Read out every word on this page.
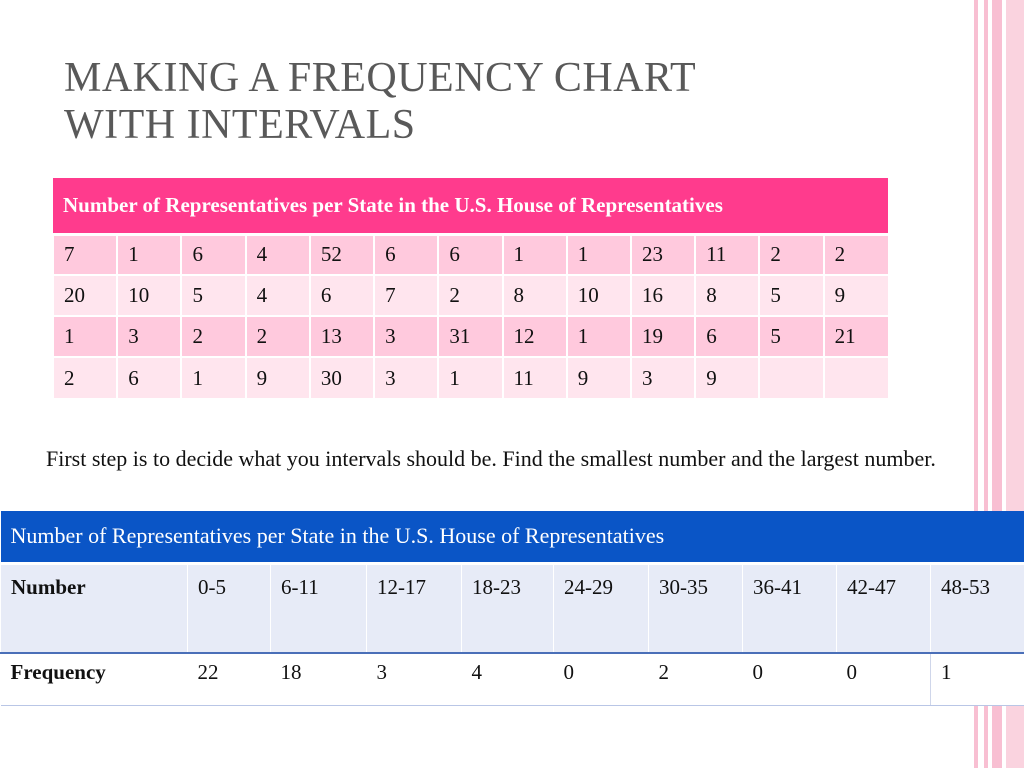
MAKING A FREQUENCY CHART
WITH INTERVALS
Number of Representatives per State in the U.S. House of Representatives												
7	1	6	4	52	6	6	1	1	23	11	2	2
20	10	5	4	6	7	2	8	10	16	8	5	9
1	3	2	2	13	3	31	12	1	19	6	5	21
2	6	1	9	30	3	1	11	9	3	9		
First step is to decide what you intervals should be. Find the smallest number and the largest number.
Number of Representatives per State in the U.S. House of Representatives									
Number	0-5	6-11	12-17	18-23	24-29	30-35	36-41	42-47	48-53
Frequency	22	18	3	4	0	2	0	0	1
